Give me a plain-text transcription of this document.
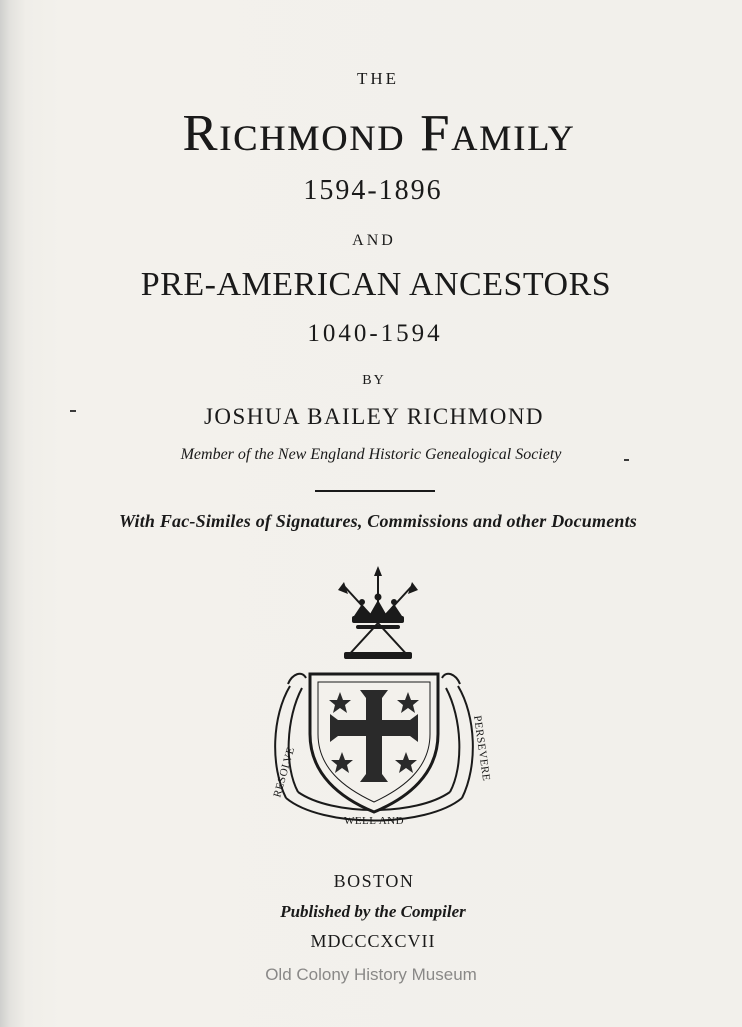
THE
Richmond Family
1594-1896
AND
PRE-AMERICAN ANCESTORS
1040-1594
BY
JOSHUA BAILEY RICHMOND
Member of the New England Historic Genealogical Society
With Fac-Similes of Signatures, Commissions and other Documents
RESOLVE
WELL AND
PERSEVERE
BOSTON
Published by the Compiler
MDCCCXCVII
Old Colony History Museum
